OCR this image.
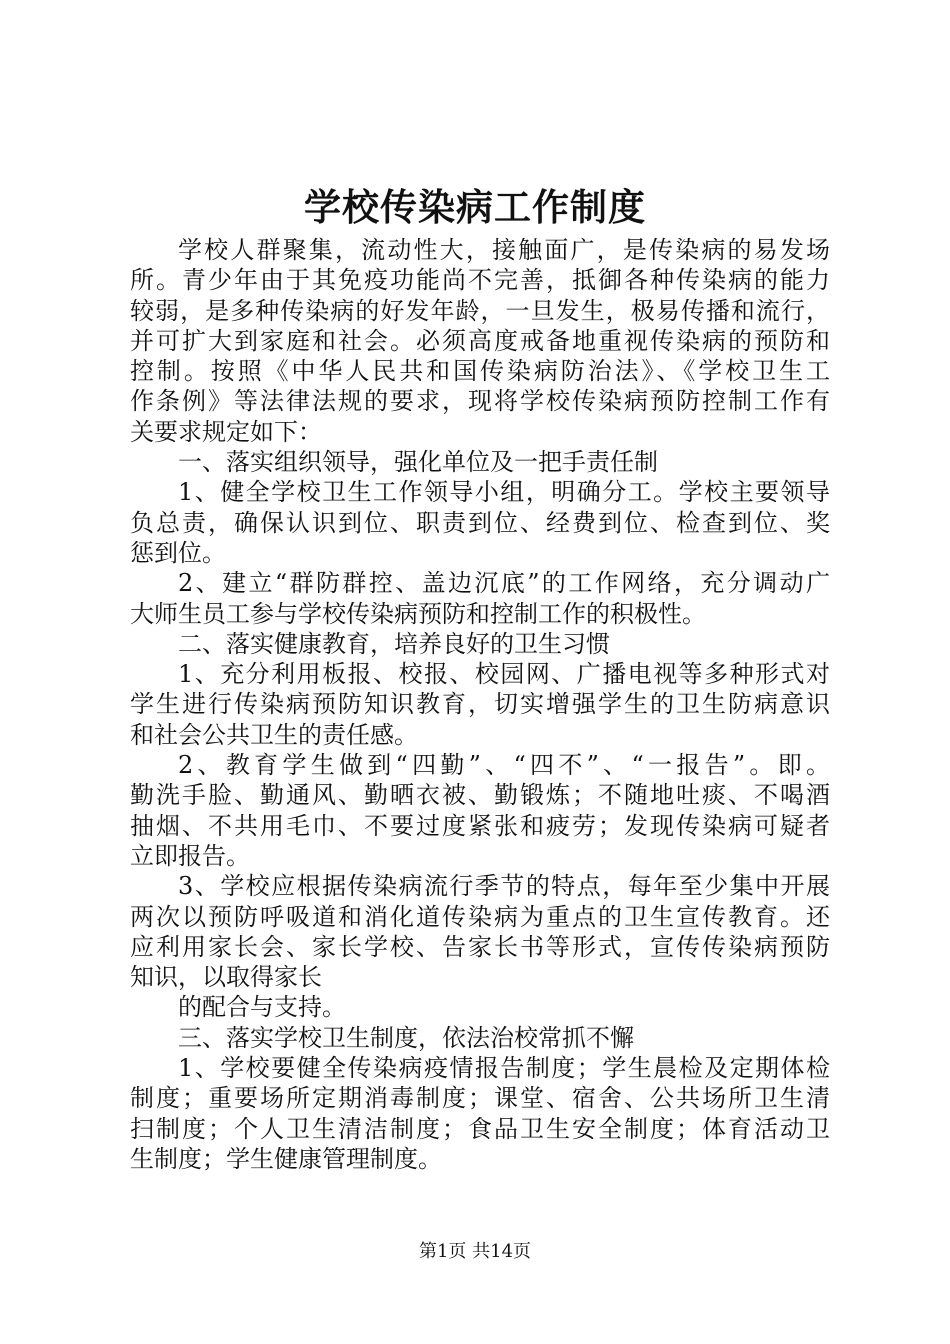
学校传染病工作制度
学校人群聚集，流动性大，接触面广，是传染病的易发场
所。青少年由于其免疫功能尚不完善，抵御各种传染病的能力
较弱，是多种传染病的好发年龄，一旦发生，极易传播和流行，
并可扩大到家庭和社会。必须高度戒备地重视传染病的预防和
控制。按照《中华人民共和国传染病防治法》、《学校卫生工
作条例》等法律法规的要求，现将学校传染病预防控制工作有
关要求规定如下：
一、落实组织领导，强化单位及一把手责任制
1、健全学校卫生工作领导小组，明确分工。学校主要领导
负总责，确保认识到位、职责到位、经费到位、检查到位、奖
惩到位。
2、建立“群防群控、盖边沉底”的工作网络，充分调动广
大师生员工参与学校传染病预防和控制工作的积极性。
二、落实健康教育，培养良好的卫生习惯
1、充分利用板报、校报、校园网、广播电视等多种形式对
学生进行传染病预防知识教育，切实增强学生的卫生防病意识
和社会公共卫生的责任感。
2、教育学生做到“四勤”、“四不”、“一报告”。即。
勤洗手脸、勤通风、勤晒衣被、勤锻炼；不随地吐痰、不喝酒
抽烟、不共用毛巾、不要过度紧张和疲劳；发现传染病可疑者
立即报告。
3、学校应根据传染病流行季节的特点，每年至少集中开展
两次以预防呼吸道和消化道传染病为重点的卫生宣传教育。还
应利用家长会、家长学校、告家长书等形式，宣传传染病预防
知识，以取得家长
的配合与支持。
三、落实学校卫生制度，依法治校常抓不懈
1、学校要健全传染病疫情报告制度；学生晨检及定期体检
制度；重要场所定期消毒制度；课堂、宿舍、公共场所卫生清
扫制度；个人卫生清洁制度；食品卫生安全制度；体育活动卫
生制度；学生健康管理制度。
第1页 共14页
